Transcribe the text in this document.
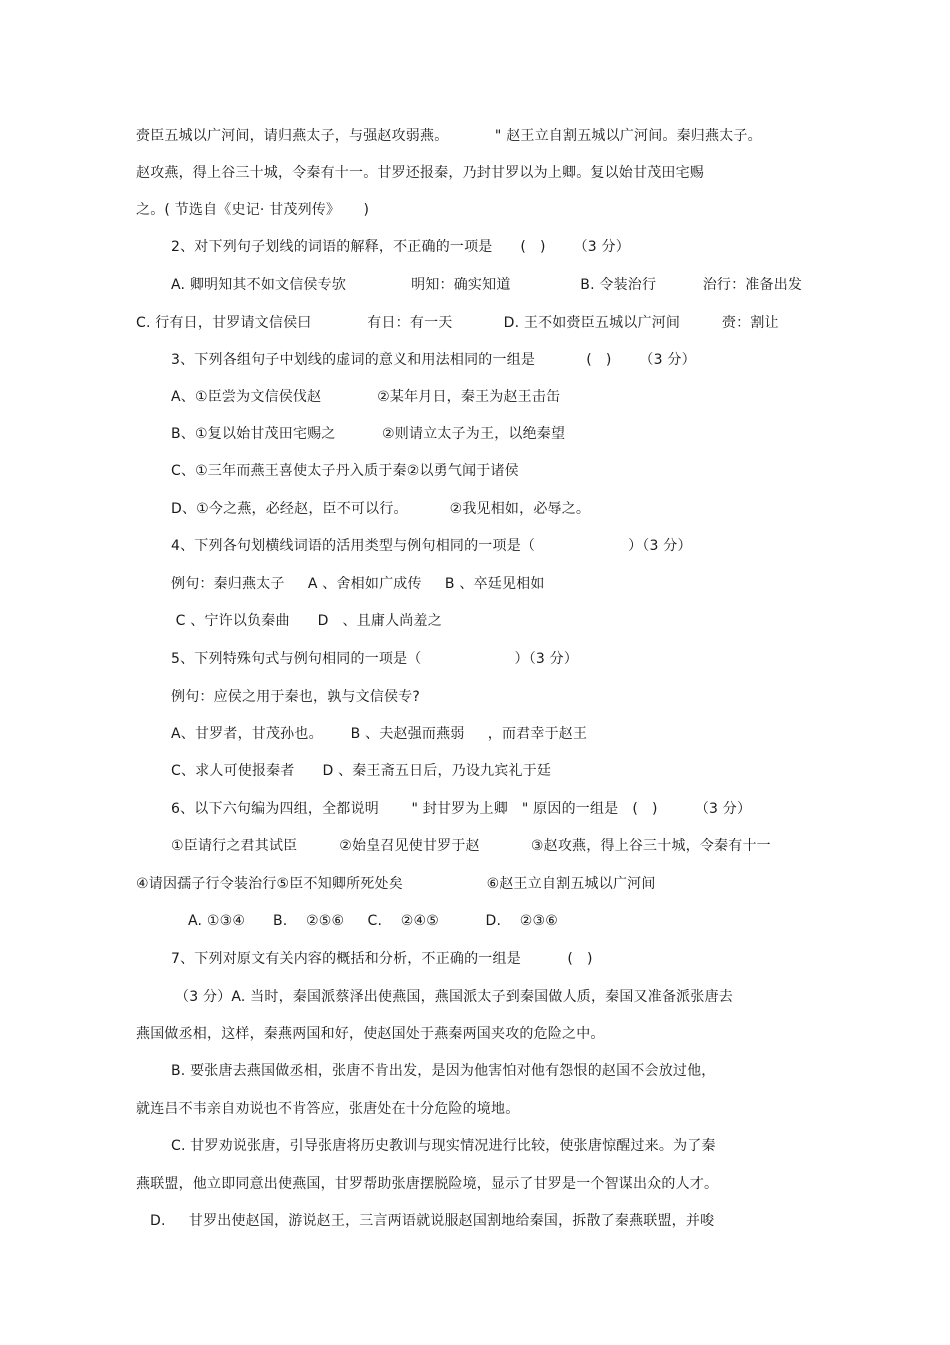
赍臣五城以广河间，请归燕太子，与强赵攻弱燕。          " 赵王立自割五城以广河间。秦归燕太子。
赵攻燕，得上谷三十城，令秦有十一。甘罗还报秦，乃封甘罗以为上卿。复以始甘茂田宅赐
之。( 节选自《史记· 甘茂列传》     )
2、对下列句子划线的词语的解释，不正确的一项是      (   )      （3 分）
A. 卿明知其不如文信侯专欤              明知：确实知道               B. 令装治行          治行：准备出发
C. 行有日，甘罗请文信侯曰            有日：有一天           D. 王不如赍臣五城以广河间         赍：割让
3、下列各组句子中划线的虚词的意义和用法相同的一组是           (   )      （3 分）
A、①臣尝为文信侯伐赵            ②某年月日，秦王为赵王击缶
B、①复以始甘茂田宅赐之          ②则请立太子为王，以绝秦望
C、①三年而燕王喜使太子丹入质于秦②以勇气闻于诸侯
D、①今之燕，必经赵，臣不可以行。         ②我见相如，必辱之。
4、下列各句划横线词语的活用类型与例句相同的一项是（                    ）（3 分）
例句：秦归燕太子     A 、舍相如广成传     B 、卒廷见相如
C 、宁许以负秦曲      D   、且庸人尚羞之
5、下列特殊句式与例句相同的一项是（                    ）（3 分）
例句：应侯之用于秦也，孰与文信侯专?
A、甘罗者，甘茂孙也。      B 、夫赵强而燕弱     ，而君幸于赵王
C、求人可使报秦者      D 、秦王斋五日后，乃设九宾礼于廷
6、以下六句编为四组，全都说明       " 封甘罗为上卿   " 原因的一组是   (   )        （3 分）
①臣请行之君其试臣         ②始皇召见使甘罗于赵           ③赵攻燕，得上谷三十城，令秦有十一
④请因孺子行令装治行⑤臣不知卿所死处矣                  ⑥赵王立自割五城以广河间
A. ①③④      B.    ②⑤⑥     C.    ②④⑤          D.    ②③⑥
7、下列对原文有关内容的概括和分析，不正确的一组是          (   )
（3 分）A. 当时，秦国派蔡泽出使燕国，燕国派太子到秦国做人质，秦国又准备派张唐去
燕国做丞相，这样，秦燕两国和好，使赵国处于燕秦两国夹攻的危险之中。
B. 要张唐去燕国做丞相，张唐不肯出发，是因为他害怕对他有怨恨的赵国不会放过他，
就连吕不韦亲自劝说也不肯答应，张唐处在十分危险的境地。
C. 甘罗劝说张唐，引导张唐将历史教训与现实情况进行比较，使张唐惊醒过来。为了秦
燕联盟，他立即同意出使燕国，甘罗帮助张唐摆脱险境，显示了甘罗是一个智谋出众的人才。
D.     甘罗出使赵国，游说赵王，三言两语就说服赵国割地给秦国，拆散了秦燕联盟，并唆
